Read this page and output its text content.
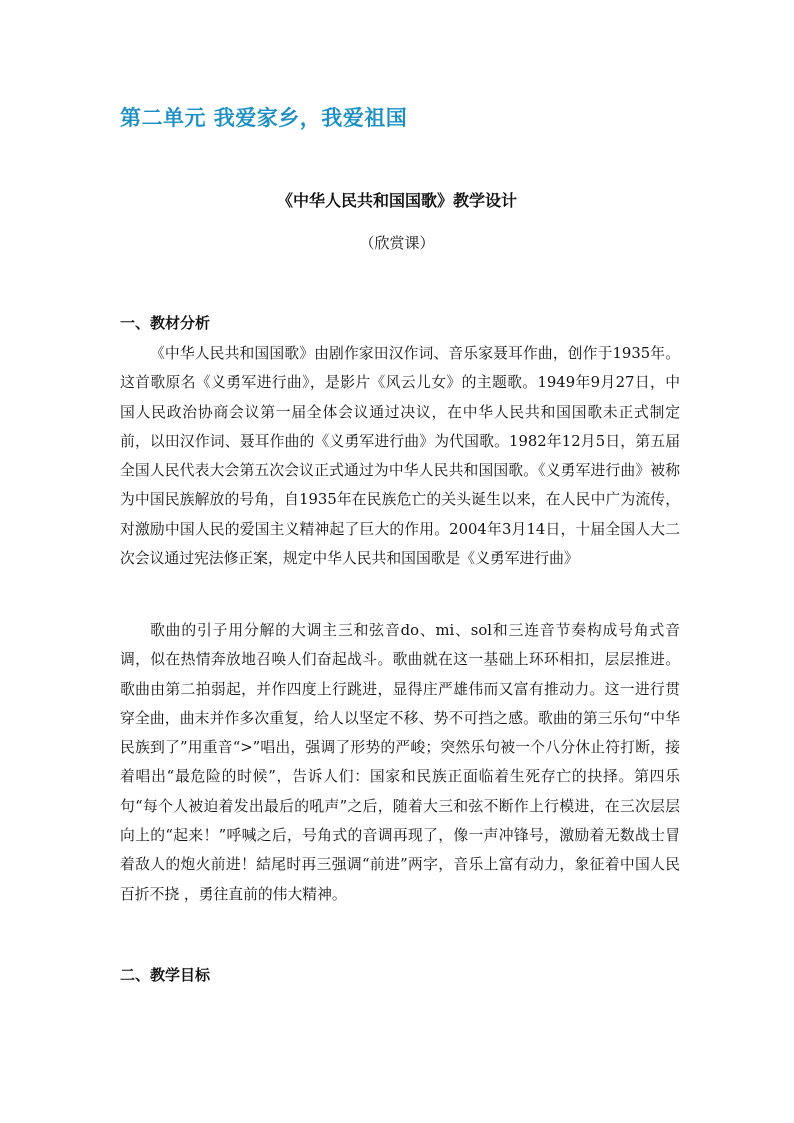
第二单元 我爱家乡，我爱祖国
《中华人民共和国国歌》教学设计
（欣赏课）
一、教材分析

《中华人民共和国国歌》由剧作家田汉作词、音乐家聂耳作曲，创作于1935年。这首歌原名《义勇军进行曲》，是影片《风云儿女》的主题歌。1949年9月27日，中国人民政治协商会议第一届全体会议通过决议，在中华人民共和国国歌未正式制定前，以田汉作词、聂耳作曲的《义勇军进行曲》为代国歌。1982年12月5日，第五届全国人民代表大会第五次会议正式通过为中华人民共和国国歌。《义勇军进行曲》被称为中国民族解放的号角，自1935年在民族危亡的关头诞生以来，在人民中广为流传，对激励中国人民的爱国主义精神起了巨大的作用。2004年3月14日，十届全国人大二次会议通过宪法修正案，规定中华人民共和国国歌是《义勇军进行曲》

歌曲的引子用分解的大调主三和弦音do、mi、sol和三连音节奏构成号角式音调，似在热情奔放地召唤人们奋起战斗。歌曲就在这一基础上环环相扣，层层推进。歌曲由第二拍弱起，并作四度上行跳进，显得庄严雄伟而又富有推动力。这一进行贯穿全曲，曲末并作多次重复，给人以坚定不移、势不可挡之感。歌曲的第三乐句“中华民族到了”用重音“>”唱出，强调了形势的严峻；突然乐句被一个八分休止符打断，接着唱出“最危险的时候”，告诉人们：国家和民族正面临着生死存亡的抉择。第四乐句“每个人被迫着发出最后的吼声”之后，随着大三和弦不断作上行模进，在三次层层向上的“起来！”呼喊之后，号角式的音调再现了，像一声冲锋号，激励着无数战士冒着敌人的炮火前进！結尾时再三强调“前进”两字，音乐上富有动力，象征着中国人民百折不挠 ，勇往直前的伟大精神。

二、教学目标
